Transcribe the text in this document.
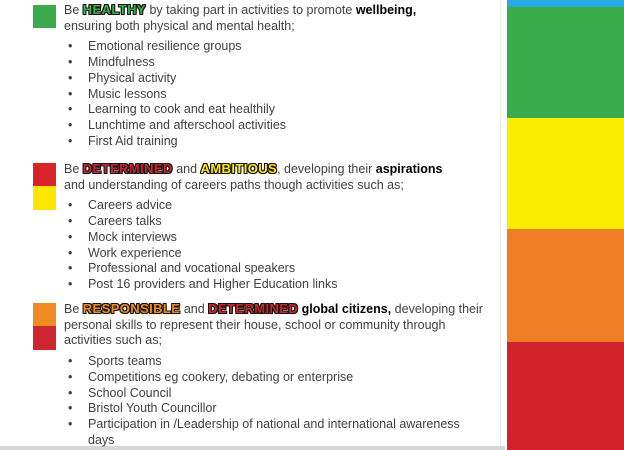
Be HEALTHY by taking part in activities to promote wellbeing,
ensuring both physical and mental health;
• Emotional resilience groups
• Mindfulness
• Physical activity
• Music lessons
• Learning to cook and eat healthily
• Lunchtime and afterschool activities
• First Aid training
Be DETERMINED and AMBITIOUS, developing their aspirations
and understanding of careers paths though activities such as;
• Careers advice
• Careers talks
• Mock interviews
• Work experience
• Professional and vocational speakers
• Post 16 providers and Higher Education links
Be RESPONSIBLE and DETERMINED global citizens, developing their
personal skills to represent their house, school or community through
activities such as;
• Sports teams
• Competitions eg cookery, debating or enterprise
• School Council
• Bristol Youth Councillor
• Participation in /Leadership of national and international awareness days
